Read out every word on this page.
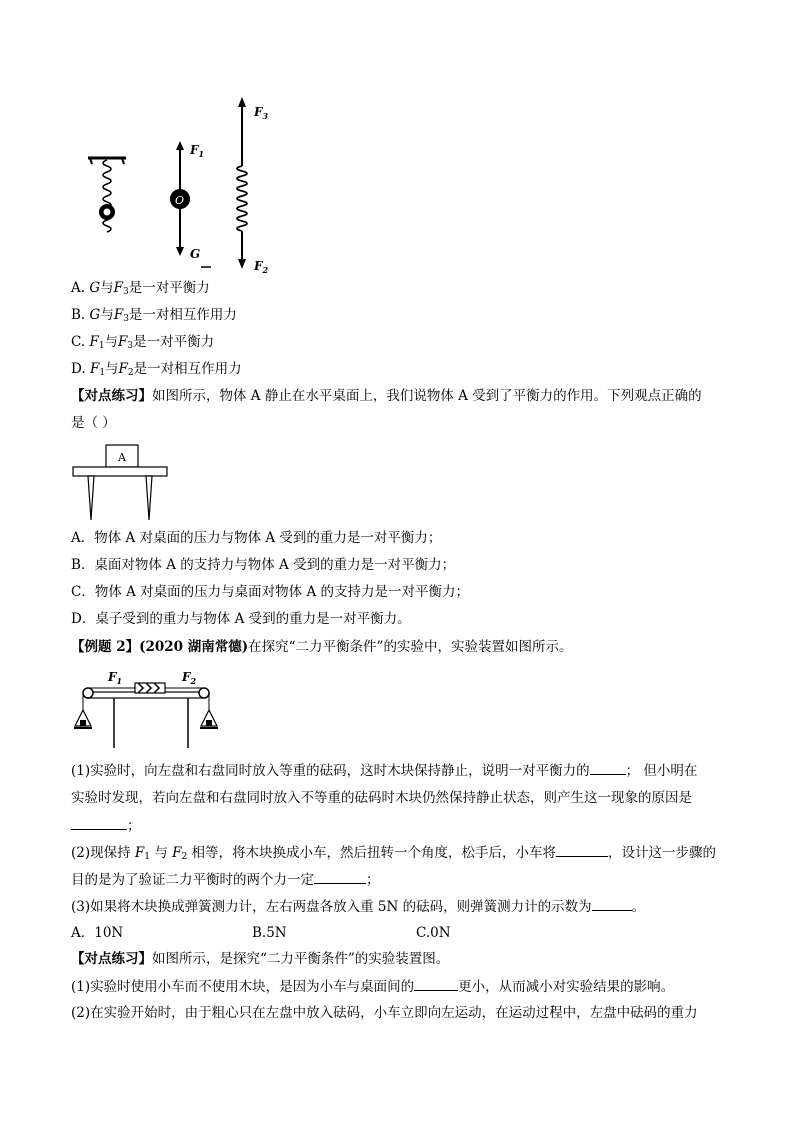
O
$F_1$
G
$F_3$
$F_2$
A. G与$F_3$是一对平衡力
B. G与$F_3$是一对相互作用力
C. $F_1$与$F_3$是一对平衡力
D. $F_1$与$F_2$是一对相互作用力
【对点练习】如图所示，物体 A 静止在水平桌面上，我们说物体 A 受到了平衡力的作用。下列观点正确的
是（ ）
A
A．物体 A 对桌面的压力与物体 A 受到的重力是一对平衡力；
B．桌面对物体 A 的支持力与物体 A 受到的重力是一对平衡力；
C．物体 A 对桌面的压力与桌面对物体 A 的支持力是一对平衡力；
D．桌子受到的重力与物体 A 受到的重力是一对平衡力。
【例题 2】(2020 湖南常德)在探究“二力平衡条件”的实验中，实验装置如图所示。
$F_1$	$F_2$
(1)实验时，向左盘和右盘同时放入等重的砝码，这时木块保持静止，说明一对平衡力的	； 但小明在
实验时发现，若向左盘和右盘同时放入不等重的砝码时木块仍然保持静止状态，则产生这一现象的原因是
；
(2)现保持 $F_1$ 与 $F_2$ 相等，将木块换成小车，然后扭转一个角度，松手后，小车将	，设计这一步骤的
目的是为了验证二力平衡时的两个力一定	；
(3)如果将木块换成弹簧测力计，左右两盘各放入重 5N 的砝码，则弹簧测力计的示数为	。
A．10N	B.5N	C.0N
【对点练习】如图所示，是探究“二力平衡条件”的实验装置图。
(1)实验时使用小车而不使用木块，是因为小车与桌面间的	更小，从而减小对实验结果的影响。
(2)在实验开始时，由于粗心只在左盘中放入砝码，小车立即向左运动，在运动过程中，左盘中砝码的重力
